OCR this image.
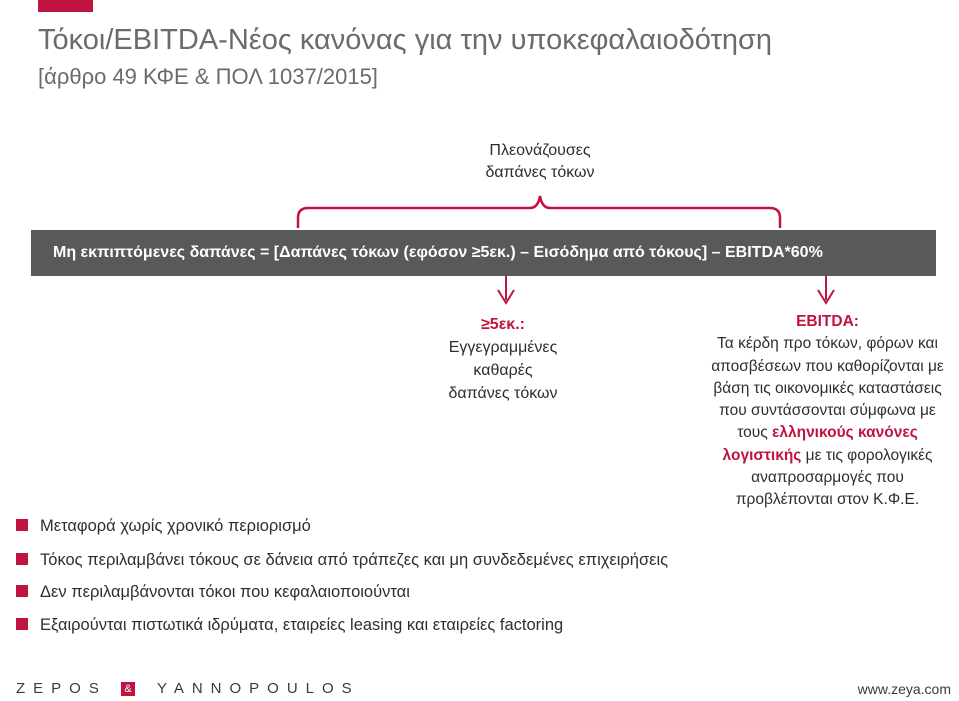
Τόκοι/EBITDA-Νέος κανόνας για την υποκεφαλαιοδότηση
[άρθρο 49 ΚΦΕ & ΠΟΛ 1037/2015]
Πλεονάζουσες
δαπάνες τόκων
Μη εκπιπτόμενες δαπάνες = [Δαπάνες τόκων (εφόσον ≥5εκ.) – Εισόδημα από τόκους] – EBITDA*60%
≥5εκ.:
Εγγεγραμμένες
καθαρές
δαπάνες τόκων
EBITDA:
Τα κέρδη προ τόκων, φόρων και
αποσβέσεων που καθορίζονται με
βάση τις οικονομικές καταστάσεις
που συντάσσονται σύμφωνα με
τους ελληνικούς κανόνες
λογιστικής με τις φορολογικές
αναπροσαρμογές που
προβλέπονται στον Κ.Φ.Ε.
Μεταφορά χωρίς χρονικό περιορισμό
Τόκος περιλαμβάνει τόκους σε δάνεια από τράπεζες και μη συνδεδεμένες επιχειρήσεις
Δεν περιλαμβάνονται τόκοι που κεφαλαιοποιούνται
Εξαιρούνται πιστωτικά ιδρύματα, εταιρείες leasing και εταιρείες factoring
ZEPOS & YANNOPOULOS	www.zeya.com
